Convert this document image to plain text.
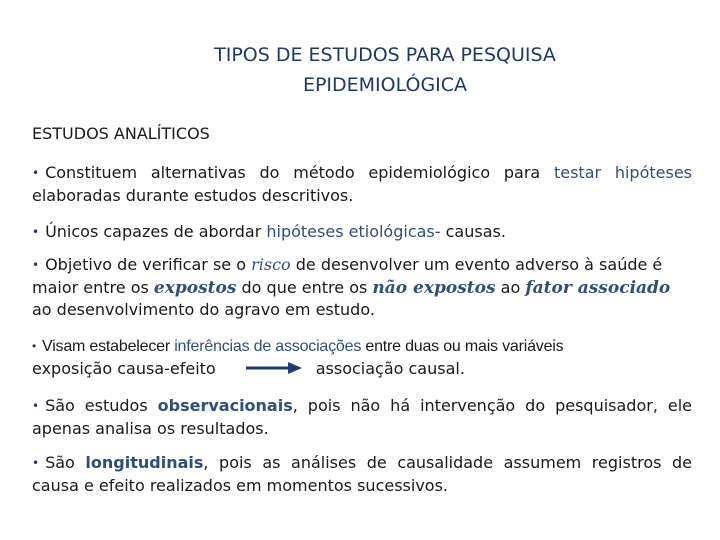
TIPOS DE ESTUDOS PARA PESQUISA
EPIDEMIOLÓGICA
ESTUDOS ANALÍTICOS
• Constituem alternativas do método epidemiológico para testar hipóteses elaboradas durante estudos descritivos.
• Únicos capazes de abordar hipóteses etiológicas- causas.
• Objetivo de verificar se o risco de desenvolver um evento adverso à saúde é maior entre os expostos do que entre os não expostos ao fator associado ao desenvolvimento do agravo em estudo.
• Visam estabelecer inferências de associações entre duas ou mais variáveis
exposição causa-efeito	associação causal.
• São estudos observacionais, pois não há intervenção do pesquisador, ele apenas analisa os resultados.
• São longitudinais, pois as análises de causalidade assumem registros de causa e efeito realizados em momentos sucessivos.
